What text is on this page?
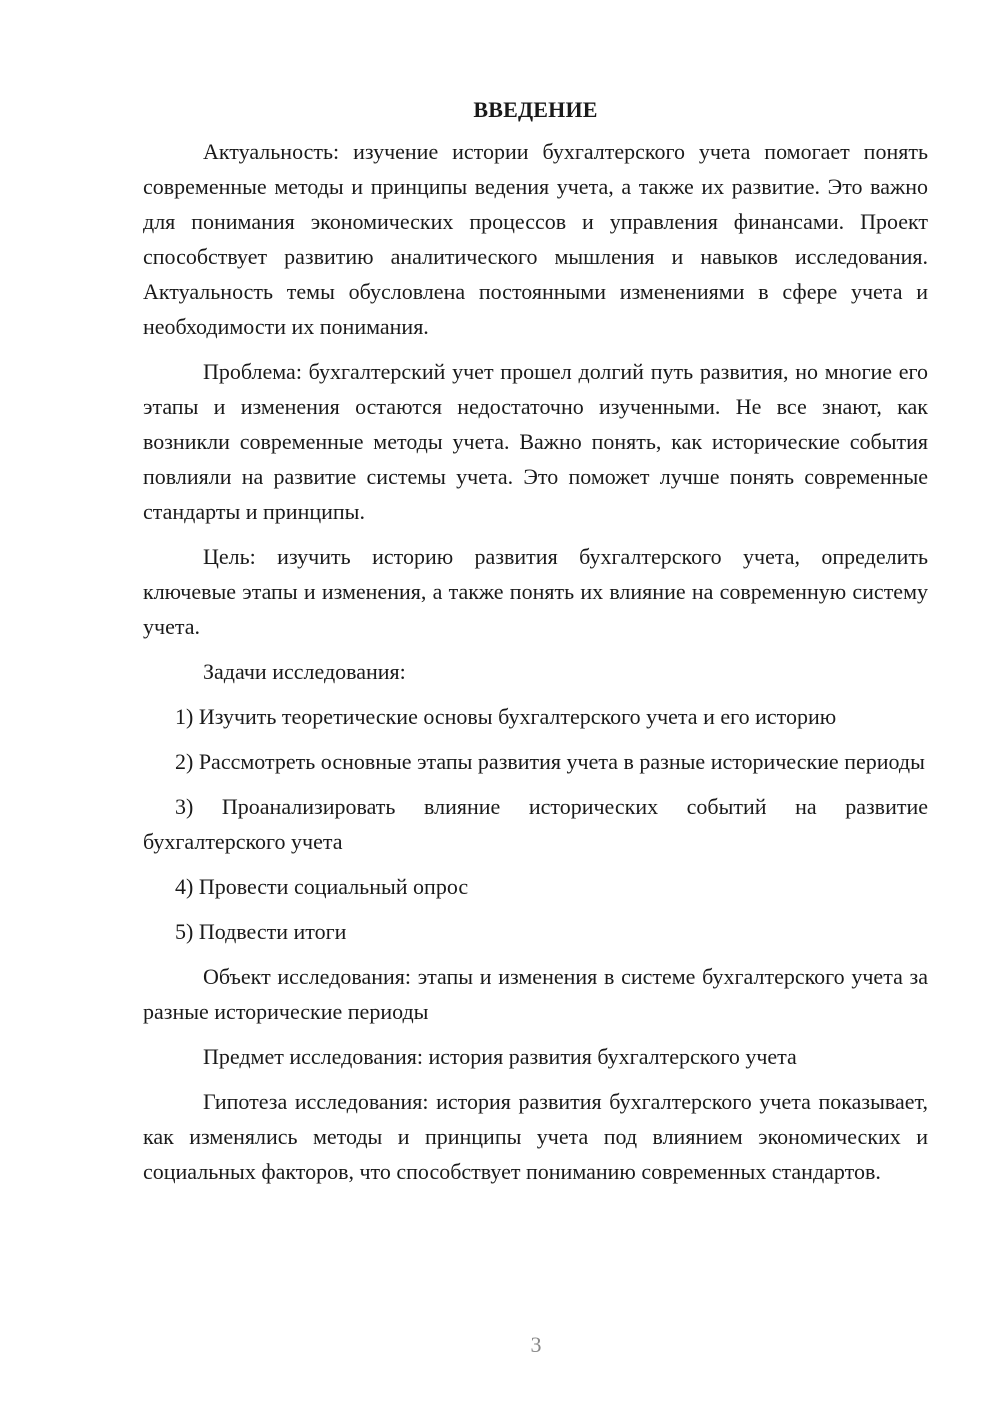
ВВЕДЕНИЕ

Актуальность: изучение истории бухгалтерского учета помогает понять современные методы и принципы ведения учета, а также их развитие. Это важно для понимания экономических процессов и управления финансами. Проект способствует развитию аналитического мышления и навыков исследования. Актуальность темы обусловлена постоянными изменениями в сфере учета и необходимости их понимания.

Проблема: бухгалтерский учет прошел долгий путь развития, но многие его этапы и изменения остаются недостаточно изученными. Не все знают, как возникли современные методы учета. Важно понять, как исторические события повлияли на развитие системы учета. Это поможет лучше понять современные стандарты и принципы.

Цель: изучить историю развития бухгалтерского учета, определить ключевые этапы и изменения, а также понять их влияние на современную систему учета.

Задачи исследования:

1) Изучить теоретические основы бухгалтерского учета и его историю

2) Рассмотреть основные этапы развития учета в разные исторические периоды

3) Проанализировать влияние исторических событий на развитие бухгалтерского учета

4) Провести социальный опрос

5) Подвести итоги

Объект исследования: этапы и изменения в системе бухгалтерского учета за разные исторические периоды

Предмет исследования: история развития бухгалтерского учета

Гипотеза исследования: история развития бухгалтерского учета показывает, как изменялись методы и принципы учета под влиянием экономических и социальных факторов, что способствует пониманию современных стандартов.

3
